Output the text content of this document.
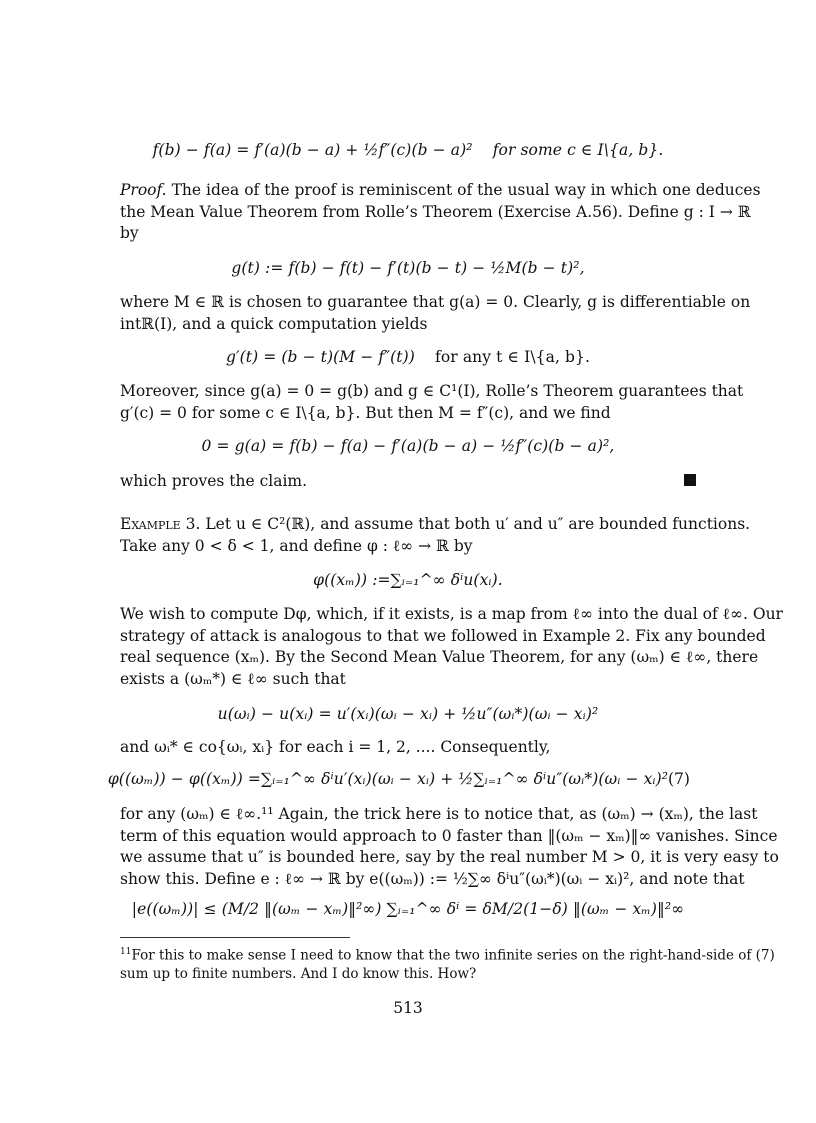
f(b) − f(a) = f′(a)(b − a) + ½f″(c)(b − a)² for some c ∈ I\{a, b}.
Proof. The idea of the proof is reminiscent of the usual way in which one deduces
the Mean Value Theorem from Rolle’s Theorem (Exercise A.56). Define g : I → ℝ
by
g(t) := f(b) − f(t) − f′(t)(b − t) − ½M(b − t)²,
where M ∈ ℝ is chosen to guarantee that g(a) = 0. Clearly, g is differentiable on
intℝ(I), and a quick computation yields
g′(t) = (b − t)(M − f″(t)) for any t ∈ I\{a, b}.
Moreover, since g(a) = 0 = g(b) and g ∈ C¹(I), Rolle’s Theorem guarantees that
g′(c) = 0 for some c ∈ I\{a, b}. But then M = f″(c), and we find
0 = g(a) = f(b) − f(a) − f′(a)(b − a) − ½f″(c)(b − a)²,
which proves the claim.
Example 3. Let u ∈ C²(ℝ), and assume that both u′ and u″ are bounded functions.
Take any 0 < δ < 1, and define φ : ℓ∞ → ℝ by
φ((xₘ)) :=∑ᵢ₌₁^∞ δⁱu(xᵢ).
We wish to compute Dφ, which, if it exists, is a map from ℓ∞ into the dual of ℓ∞. Our
strategy of attack is analogous to that we followed in Example 2. Fix any bounded
real sequence (xₘ). By the Second Mean Value Theorem, for any (ωₘ) ∈ ℓ∞, there
exists a (ωₘ*) ∈ ℓ∞ such that
u(ωᵢ) − u(xᵢ) = u′(xᵢ)(ωᵢ − xᵢ) + ½u″(ωᵢ*)(ωᵢ − xᵢ)²
and ωᵢ* ∈ co{ωᵢ, xᵢ} for each i = 1, 2, .... Consequently,
φ((ωₘ)) − φ((xₘ)) =∑ᵢ₌₁^∞ δⁱu′(xᵢ)(ωᵢ − xᵢ) + ½∑ᵢ₌₁^∞ δⁱu″(ωᵢ*)(ωᵢ − xᵢ)² (7)
for any (ωₘ) ∈ ℓ∞.¹¹ Again, the trick here is to notice that, as (ωₘ) → (xₘ), the last
term of this equation would approach to 0 faster than ‖(ωₘ − xₘ)‖∞ vanishes. Since
we assume that u″ is bounded here, say by the real number M > 0, it is very easy to
show this. Define e : ℓ∞ → ℝ by e((ωₘ)) := ½∑∞ δⁱu″(ωᵢ*)(ωᵢ − xᵢ)², and note that
|e((ωₘ))| ≤ (M/2 ‖(ωₘ − xₘ)‖²∞) ∑ᵢ₌₁^∞ δⁱ = δM/2(1−δ) ‖(ωₘ − xₘ)‖²∞
$^{11}$For this to make sense I need to know that the two infinite series on the right-hand-side of (7)
sum up to finite numbers. And I do know this. How?
513
